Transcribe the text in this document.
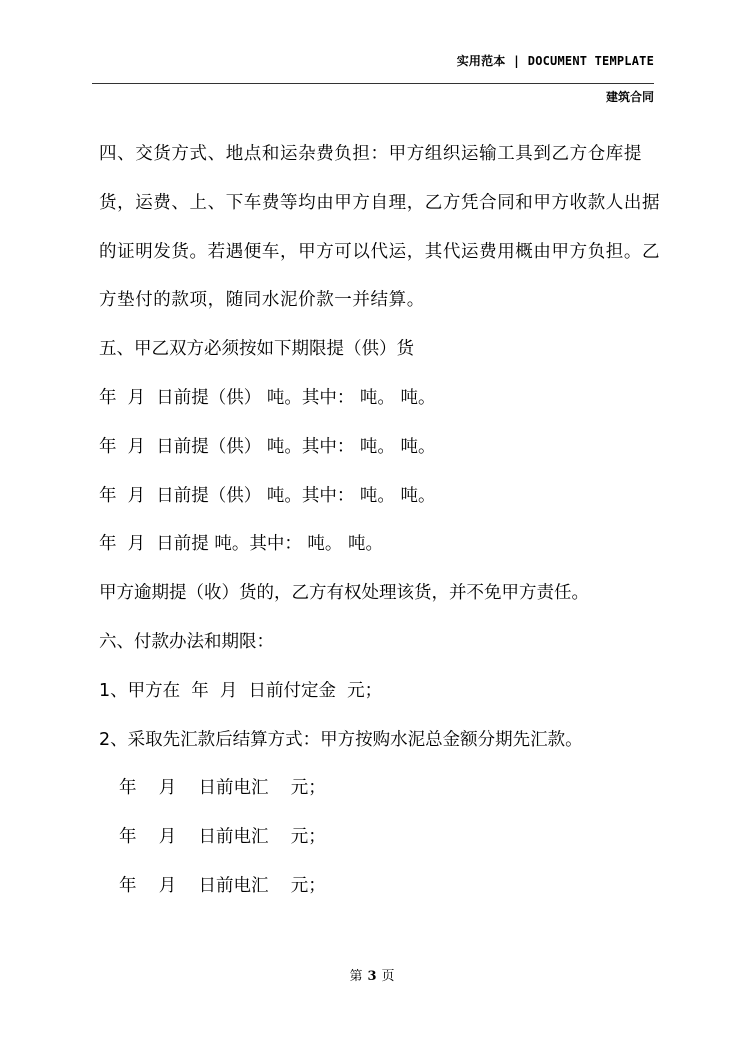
实用范本 | DOCUMENT TEMPLATE
建筑合同

四、交货方式、地点和运杂费负担：甲方组织运输工具到乙方仓库提货，运费、上、下车费等均由甲方自理，乙方凭合同和甲方收款人出据的证明发货。若遇便车，甲方可以代运，其代运费用概由甲方负担。乙方垫付的款项，随同水泥价款一并结算。

五、甲乙双方必须按如下期限提（供）货

年  月  日前提（供） 吨。其中： 吨。 吨。

年  月  日前提（供） 吨。其中： 吨。 吨。

年  月  日前提（供） 吨。其中： 吨。 吨。

年  月  日前提 吨。其中： 吨。 吨。

甲方逾期提（收）货的，乙方有权处理该货，并不免甲方责任。

六、付款办法和期限：

1、甲方在  年  月  日前付定金  元；

2、采取先汇款后结算方式：甲方按购水泥总金额分期先汇款。

年    月    日前电汇    元；

年    月    日前电汇    元；

年    月    日前电汇    元；

第 3 页
